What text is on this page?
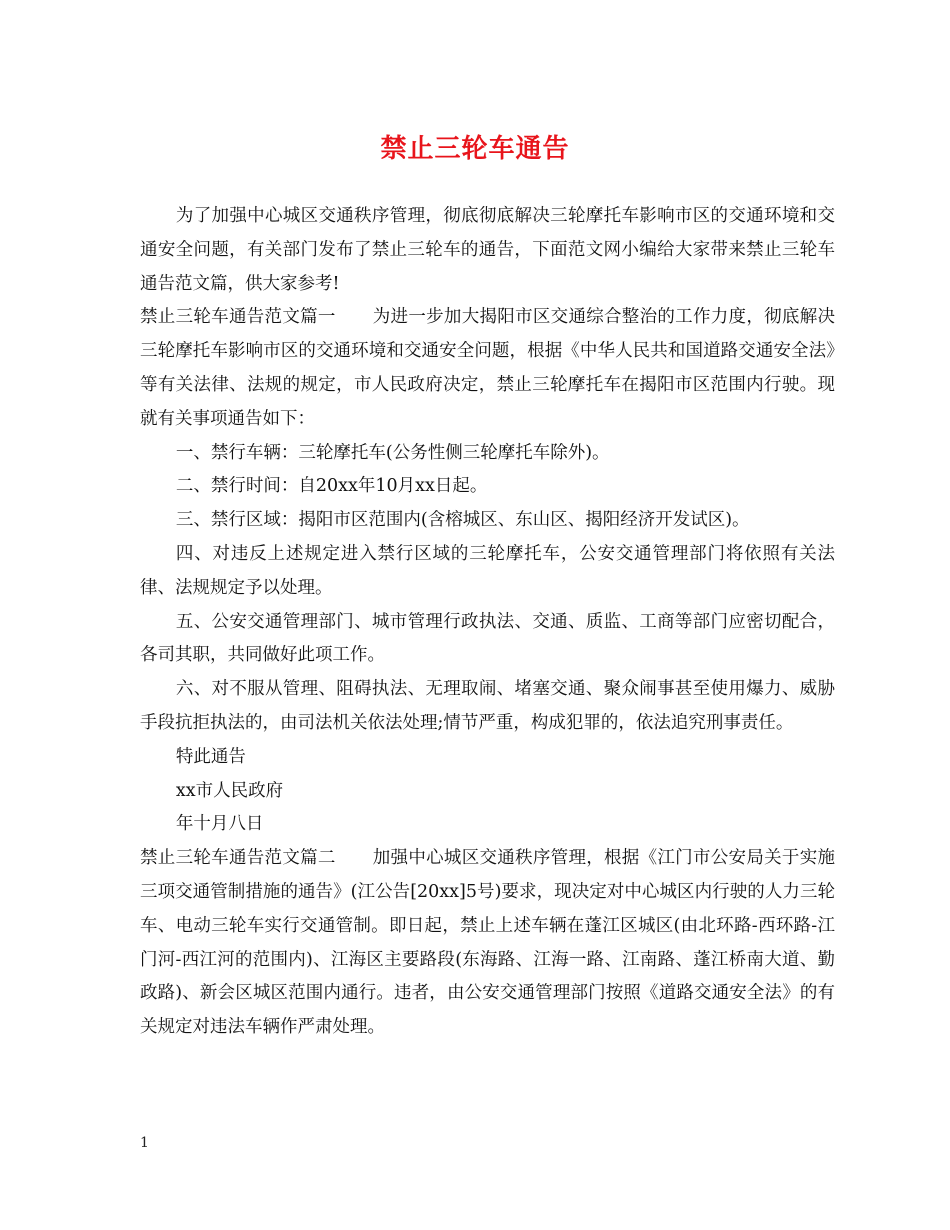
禁止三轮车通告

为了加强中心城区交通秩序管理，彻底彻底解决三轮摩托车影响市区的交通环境和交通安全问题，有关部门发布了禁止三轮车的通告，下面范文网小编给大家带来禁止三轮车 通告范文篇，供大家参考!

禁止三轮车通告范文篇一 为进一步加大揭阳市区交通综合整治的工作力度，彻底解决三轮摩托车影响市区的交通环境和交通安全问题，根据《中华人民共和国道路交通安全法》等有关法律、法规的规定，市人民政府决定，禁止三轮摩托车在揭阳市区范围内行驶。现就有关事项通告如下：

一、禁行车辆：三轮摩托车(公务性侧三轮摩托车除外)。

二、禁行时间：自20xx年10月xx日起。

三、禁行区域：揭阳市区范围内(含榕城区、东山区、揭阳经济开发试区)。

四、对违反上述规定进入禁行区域的三轮摩托车，公安交通管理部门将依照有关法律、法规规定予以处理。

五、公安交通管理部门、城市管理行政执法、交通、质监、工商等部门应密切配合，各司其职，共同做好此项工作。

六、对不服从管理、阻碍执法、无理取闹、堵塞交通、聚众闹事甚至使用爆力、威胁手段抗拒执法的，由司法机关依法处理;情节严重，构成犯罪的，依法追究刑事责任。

特此通告

xx市人民政府

年十月八日

禁止三轮车通告范文篇二 加强中心城区交通秩序管理，根据《江门市公安局关于实施三项交通管制措施的通告》(江公告[20xx]5号)要求，现决定对中心城区内行驶的人力三轮车、电动三轮车实行交通管制。即日起，禁止上述车辆在蓬江区城区(由北环路-西环路-江门河-西江河的范围内)、江海区主要路段(东海路、江海一路、江南路、蓬江桥南大道、勤政路)、新会区城区范围内通行。违者，由公安交通管理部门按照《道路交通安全法》的有关规定对违法车辆作严肃处理。

1
